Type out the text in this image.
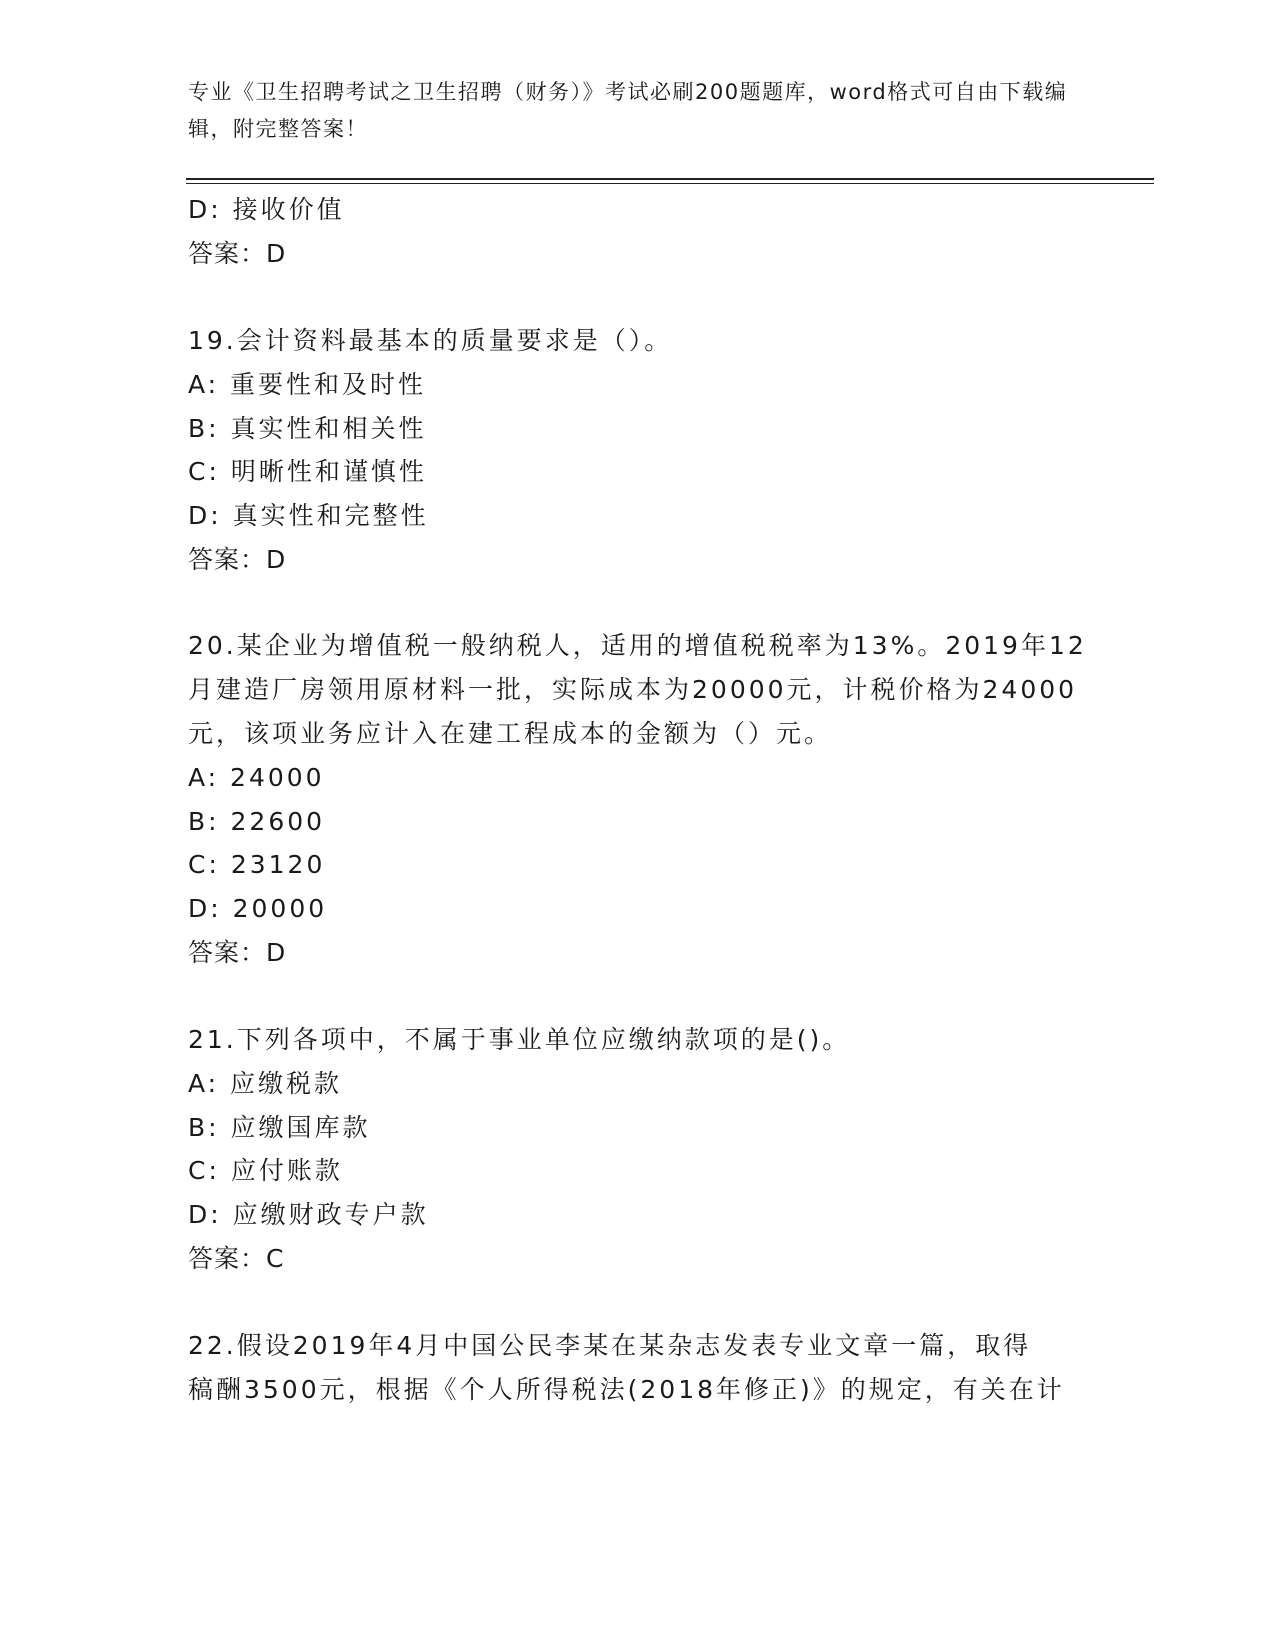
专业《卫生招聘考试之卫生招聘（财务）》考试必刷200题题库，word格式可自由下载编辑，附完整答案！
D: 接收价值
答案：D
19.会计资料最基本的质量要求是（）。
A: 重要性和及时性
B: 真实性和相关性
C: 明晰性和谨慎性
D: 真实性和完整性
答案：D
20.某企业为增值税一般纳税人，适用的增值税税率为13%。2019年12
月建造厂房领用原材料一批，实际成本为20000元，计税价格为24000
元，该项业务应计入在建工程成本的金额为（）元。
A: 24000
B: 22600
C: 23120
D: 20000
答案：D
21.下列各项中，不属于事业单位应缴纳款项的是()。
A: 应缴税款
B: 应缴国库款
C: 应付账款
D: 应缴财政专户款
答案：C
22.假设2019年4月中国公民李某在某杂志发表专业文章一篇，取得
稿酬3500元，根据《个人所得税法(2018年修正)》的规定，有关在计
